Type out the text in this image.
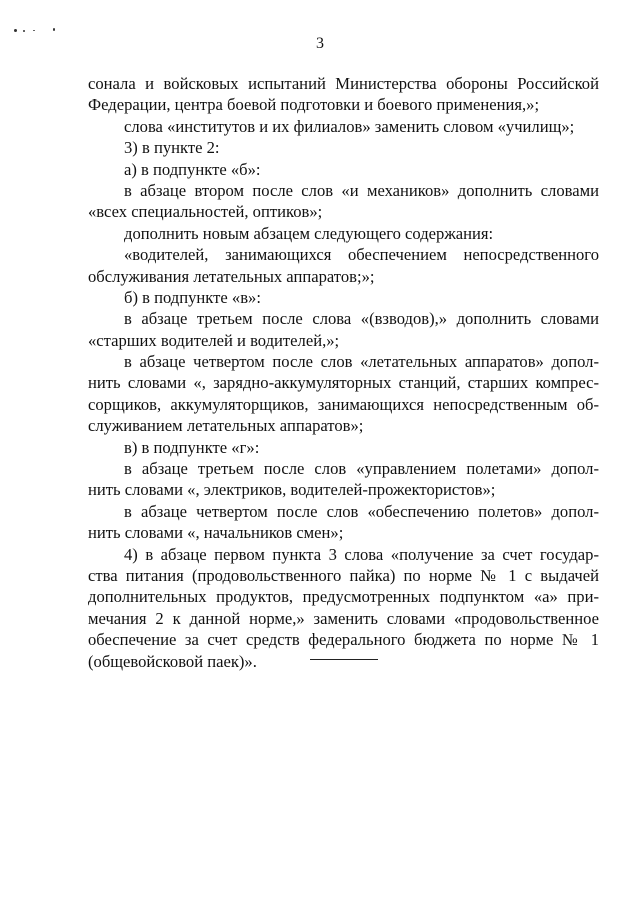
3
сонала и войсковых испытаний Министерства обороны Российской
Федерации, центра боевой подготовки и боевого применения,»;
слова «институтов и их филиалов» заменить словом «училищ»;
3) в пункте 2:
а) в подпункте «б»:
в абзаце втором после слов «и механиков» дополнить словами
«всех специальностей, оптиков»;
дополнить новым абзацем следующего содержания:
«водителей, занимающихся обеспечением непосредственного
обслуживания летательных аппаратов;»;
б) в подпункте «в»:
в абзаце третьем после слова «(взводов),» дополнить словами
«старших водителей и водителей,»;
в абзаце четвертом после слов «летательных аппаратов» допол-
нить словами «, зарядно-аккумуляторных станций, старших компрес-
сорщиков, аккумуляторщиков, занимающихся непосредственным об-
служиванием летательных аппаратов»;
в) в подпункте «г»:
в абзаце третьем после слов «управлением полетами» допол-
нить словами «, электриков, водителей-прожектористов»;
в абзаце четвертом после слов «обеспечению полетов» допол-
нить словами «, начальников смен»;
4) в абзаце первом пункта 3 слова «получение за счет государ-
ства питания (продовольственного пайка) по норме № 1 с выдачей
дополнительных продуктов, предусмотренных подпунктом «а» при-
мечания 2 к данной норме,» заменить словами «продовольственное
обеспечение за счет средств федерального бюджета по норме № 1
(общевойсковой паек)».
